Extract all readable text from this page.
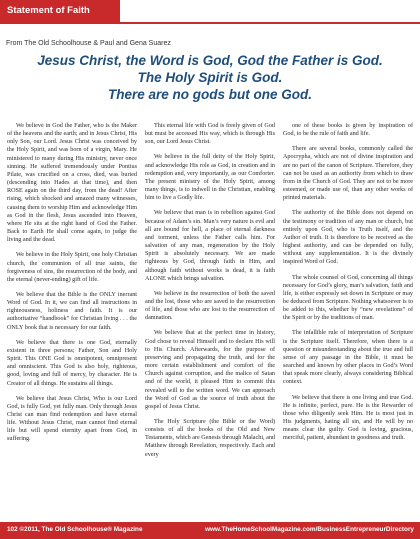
Statement of Faith
From The Old Schoolhouse & Paul and Gena Suarez
Jesus Christ, the Word is God, God the Father is God.
The Holy Spirit is God.
There are no gods but one God.

We believe in God the Father, who is the Maker of the heavens and the earth; and in Jesus Christ, His only Son, our Lord. Jesus Christ was conceived by the Holy Spirit, and was born of a virgin, Mary. He ministered to many during His ministry, never once sinning. He suffered tremendously under Pontius Pilate, was crucified on a cross, died, was buried (descending into Hades at that time), and then ROSE again on the third day, from the dead! After rising, which shocked and amazed many witnesses, causing them to worship Him and acknowledge Him as God in the flesh, Jesus ascended into Heaven, where He sits at the right hand of God the Father. Back to Earth He shall come again, to judge the living and the dead.

We believe in the Holy Spirit, one holy Christian church, the communion of all true saints, the forgiveness of sins, the resurrection of the body, and the eternal (never-ending) gift of life.

We believe that the Bible is the ONLY inerrant Word of God. In it, we can find all instructions in righteousness, holiness and faith. It is our authoritative “handbook” for Christian living . . . the ONLY book that is necessary for our faith.

We believe that there is one God, eternally existent in three persons; Father, Son and Holy Spirit. This ONE God is omnipotent, omnipresent and omniscient. This God is also holy, righteous, good, loving and full of mercy, by character. He is Creator of all things. He sustains all things.

We believe that Jesus Christ, Who is our Lord God, is fully God, yet fully man. Only through Jesus Christ can man find redemption and have eternal life. Without Jesus Christ, man cannot find eternal life but will spend eternity apart from God, in suffering.

This eternal life with God is freely given of God but must be accessed His way, which is through His son, our Lord Jesus Christ.

We believe in the full deity of the Holy Spirit, and acknowledge His role as God, in creation and in redemption and, very importantly, as our Comforter. The present ministry of the Holy Spirit, among many things, is to indwell in the Christian, enabling him to live a Godly life.

We believe that man is in rebellion against God because of Adam’s sin. Man’s very nature is evil and all are bound for hell, a place of eternal darkness and torment, unless the Father calls him. For salvation of any man, regeneration by the Holy Spirit is absolutely necessary. We are made righteous by God, through faith in Him, and although faith without works is dead, it is faith ALONE which brings salvation.

We believe in the resurrection of both the saved and the lost, those who are saved to the resurrection of life, and those who are lost to the resurrection of damnation.

We believe that at the perfect time in history, God chose to reveal Himself and to declare His will to His Church. Afterwards, for the purpose of preserving and propagating the truth, and for the more certain establishment and comfort of the Church against corruption, and the malice of Satan and of the world, it pleased Him to commit this revealed will to the written word. We can approach the Word of God as the source of truth about the gospel of Jesus Christ.

The Holy Scripture (the Bible or the Word) consists of all the books of the Old and New Testaments, which are Genesis through Malachi, and Matthew through Revelation, respectively. Each and every

one of these books is given by inspiration of God, to be the rule of faith and life.

There are several books, commonly called the Apocrypha, which are not of divine inspiration and are no part of the canon of Scripture. Therefore, they can not be used as an authority from which to draw from in the Church of God. They are not to be more esteemed, or made use of, than any other works of printed materials.

The authority of the Bible does not depend on the testimony or tradition of any man or church, but entirely upon God, who is Truth itself, and the Author of truth. It is therefore to be received as the highest authority, and can be depended on fully, without any supplementation. It is the divinely inspired Word of God.

The whole counsel of God, concerning all things necessary for God’s glory, man’s salvation, faith and life, is either expressly set down in Scripture or may be deduced from Scripture. Nothing whatsoever is to be added to this, whether by “new revelations” of the Spirit or by the traditions of man.

The infallible rule of interpretation of Scripture is the Scripture itself. Therefore, when there is a question or misunderstanding about the true and full sense of any passage in the Bible, it must be searched and known by other places in God’s Word that speak more clearly, always considering Biblical context.

We believe that there is one living and true God. He is infinite, perfect, pure. He is the Rewarder of those who diligently seek Him. He is most just in His judgments, hating all sin, and He will by no means clear the guilty. God is loving, gracious, merciful, patient, abundant in goodness and truth.

102 ©2011, The Old Schoolhouse® Magazine	www.TheHomeSchoolMagazine.com/BusinessEntrepreneurDirectory
